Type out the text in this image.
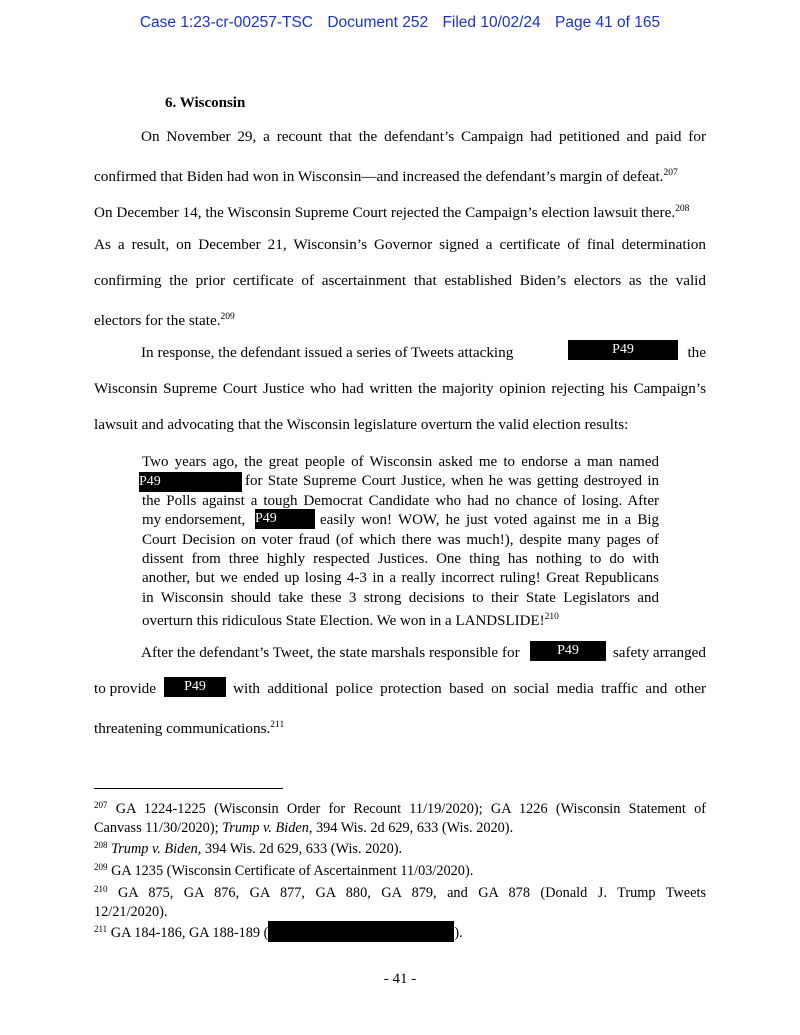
Case 1:23-cr-00257-TSC Document 252 Filed 10/02/24 Page 41 of 165
6. Wisconsin
On November 29, a recount that the defendant’s Campaign had petitioned and paid for
confirmed that Biden had won in Wisconsin—and increased the defendant’s margin of defeat.$^{207}$
On December 14, the Wisconsin Supreme Court rejected the Campaign’s election lawsuit there.$^{208}$
As a result, on December 21, Wisconsin’s Governor signed a certificate of final determination
confirming the prior certificate of ascertainment that established Biden’s electors as the valid
electors for the state.$^{209}$
In response, the defendant issued a series of Tweets attacking	P49	the
Wisconsin Supreme Court Justice who had written the majority opinion rejecting his Campaign’s
lawsuit and advocating that the Wisconsin legislature overturn the valid election results:
Two years ago, the great people of Wisconsin asked me to endorse a man named
P49	for State Supreme Court Justice, when he was getting destroyed in
the Polls against a tough Democrat Candidate who had no chance of losing. After
my endorsement, P49	easily won! WOW, he just voted against me in a Big
Court Decision on voter fraud (of which there was much!), despite many pages of
dissent from three highly respected Justices. One thing has nothing to do with
another, but we ended up losing 4-3 in a really incorrect ruling! Great Republicans
in Wisconsin should take these 3 strong decisions to their State Legislators and
overturn this ridiculous State Election. We won in a LANDSLIDE!$^{210}$
After the defendant’s Tweet, the state marshals responsible for	P49	safety arranged
to provide	P49	with additional police protection based on social media traffic and other
threatening communications.$^{211}$
$^{207}$ GA 1224-1225 (Wisconsin Order for Recount 11/19/2020); GA 1226 (Wisconsin Statement of
Canvass 11/30/2020); Trump v. Biden, 394 Wis. 2d 629, 633 (Wis. 2020).
$^{208}$ Trump v. Biden, 394 Wis. 2d 629, 633 (Wis. 2020).
$^{209}$ GA 1235 (Wisconsin Certificate of Ascertainment 11/03/2020).
$^{210}$ GA 875, GA 876, GA 877, GA 880, GA 879, and GA 878 (Donald J. Trump Tweets
12/21/2020).
$^{211}$ GA 184-186, GA 188-189 (	).
- 41 -
